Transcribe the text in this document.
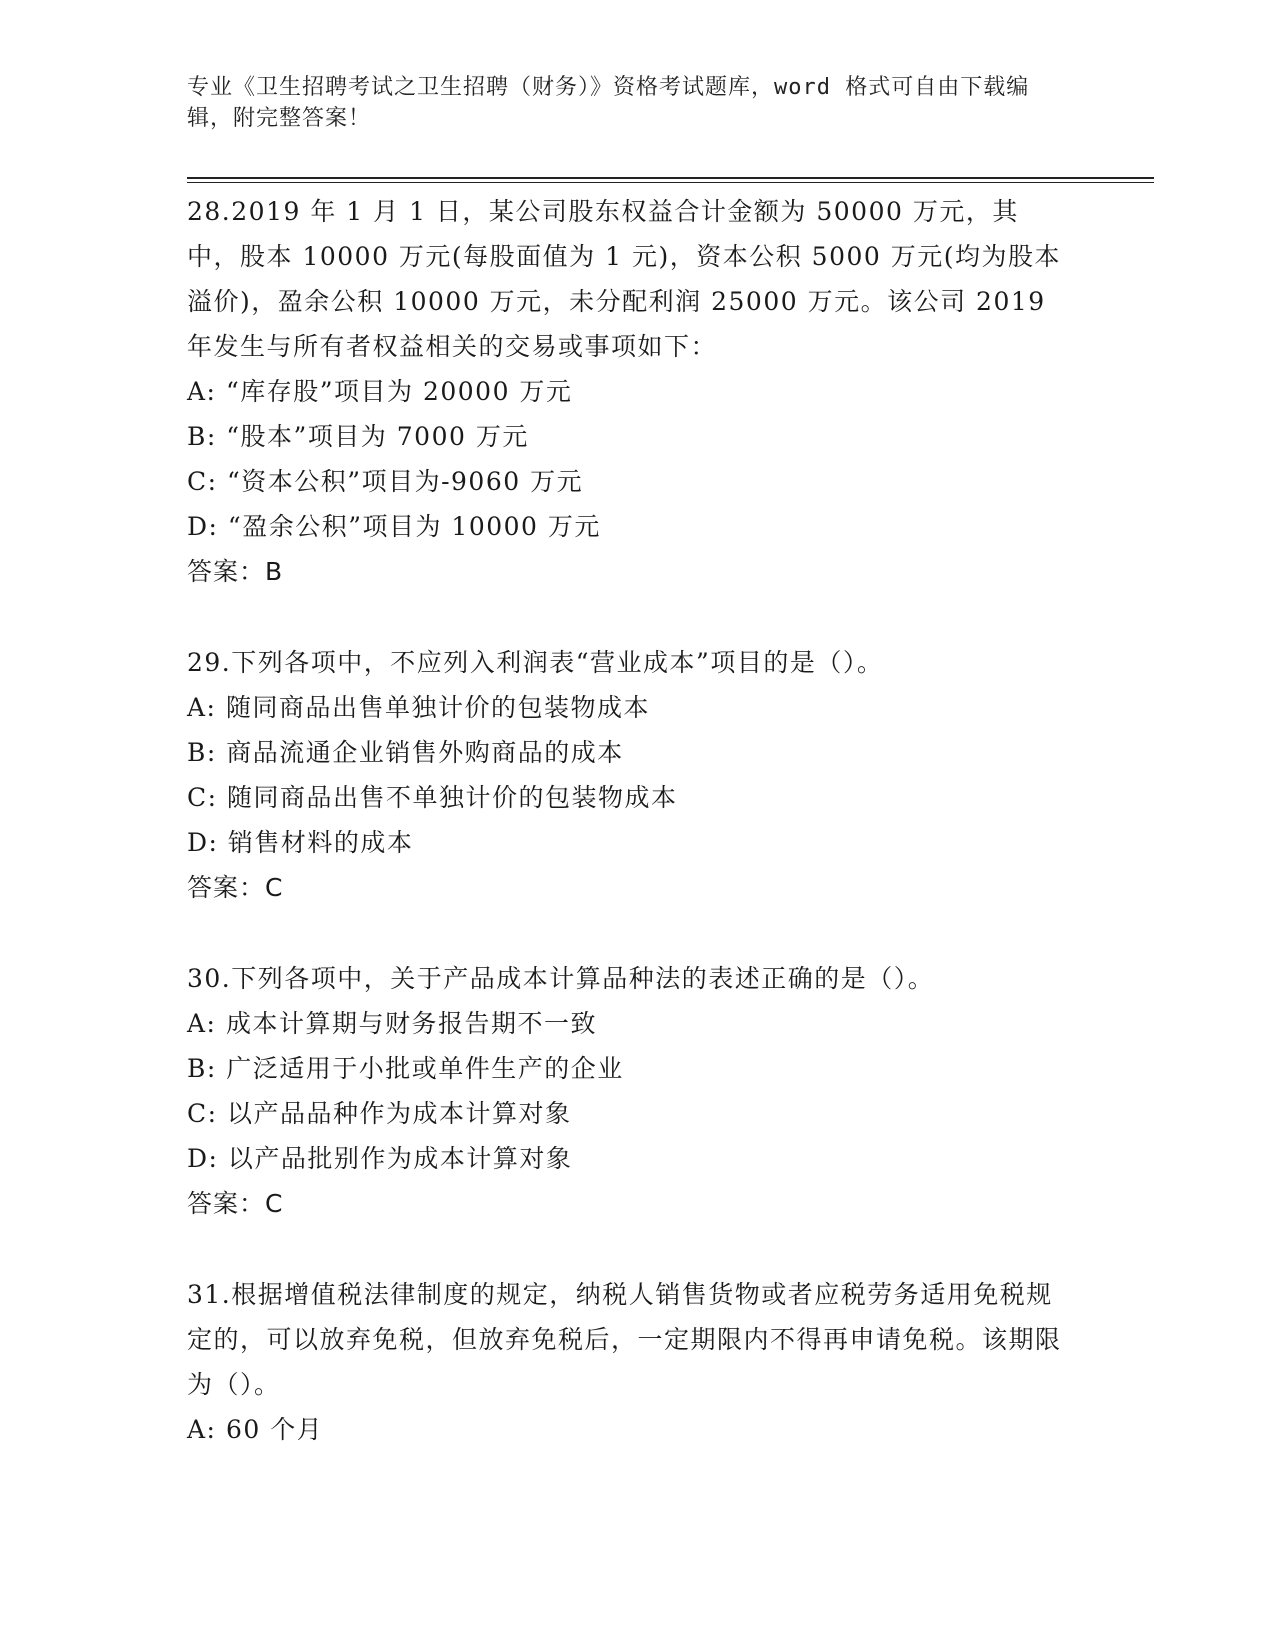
专业《卫生招聘考试之卫生招聘（财务）》资格考试题库，word 格式可自由下载编辑，附完整答案！

28.2019 年 1 月 1 日，某公司股东权益合计金额为 50000 万元，其中，股本 10000 万元(每股面值为 1 元)，资本公积 5000 万元(均为股本溢价)，盈余公积 10000 万元，未分配利润 25000 万元。该公司 2019 年发生与所有者权益相关的交易或事项如下：

A: “库存股”项目为 20000 万元

B: “股本”项目为 7000 万元

C: “资本公积”项目为-9060 万元

D: “盈余公积”项目为 10000 万元

答案：B

29.下列各项中，不应列入利润表“营业成本”项目的是（）。

A: 随同商品出售单独计价的包装物成本

B: 商品流通企业销售外购商品的成本

C: 随同商品出售不单独计价的包装物成本

D: 销售材料的成本

答案：C

30.下列各项中，关于产品成本计算品种法的表述正确的是（）。

A: 成本计算期与财务报告期不一致

B: 广泛适用于小批或单件生产的企业

C: 以产品品种作为成本计算对象

D: 以产品批别作为成本计算对象

答案：C

31.根据增值税法律制度的规定，纳税人销售货物或者应税劳务适用免税规定的，可以放弃免税，但放弃免税后，一定期限内不得再申请免税。该期限为（）。

A: 60 个月
